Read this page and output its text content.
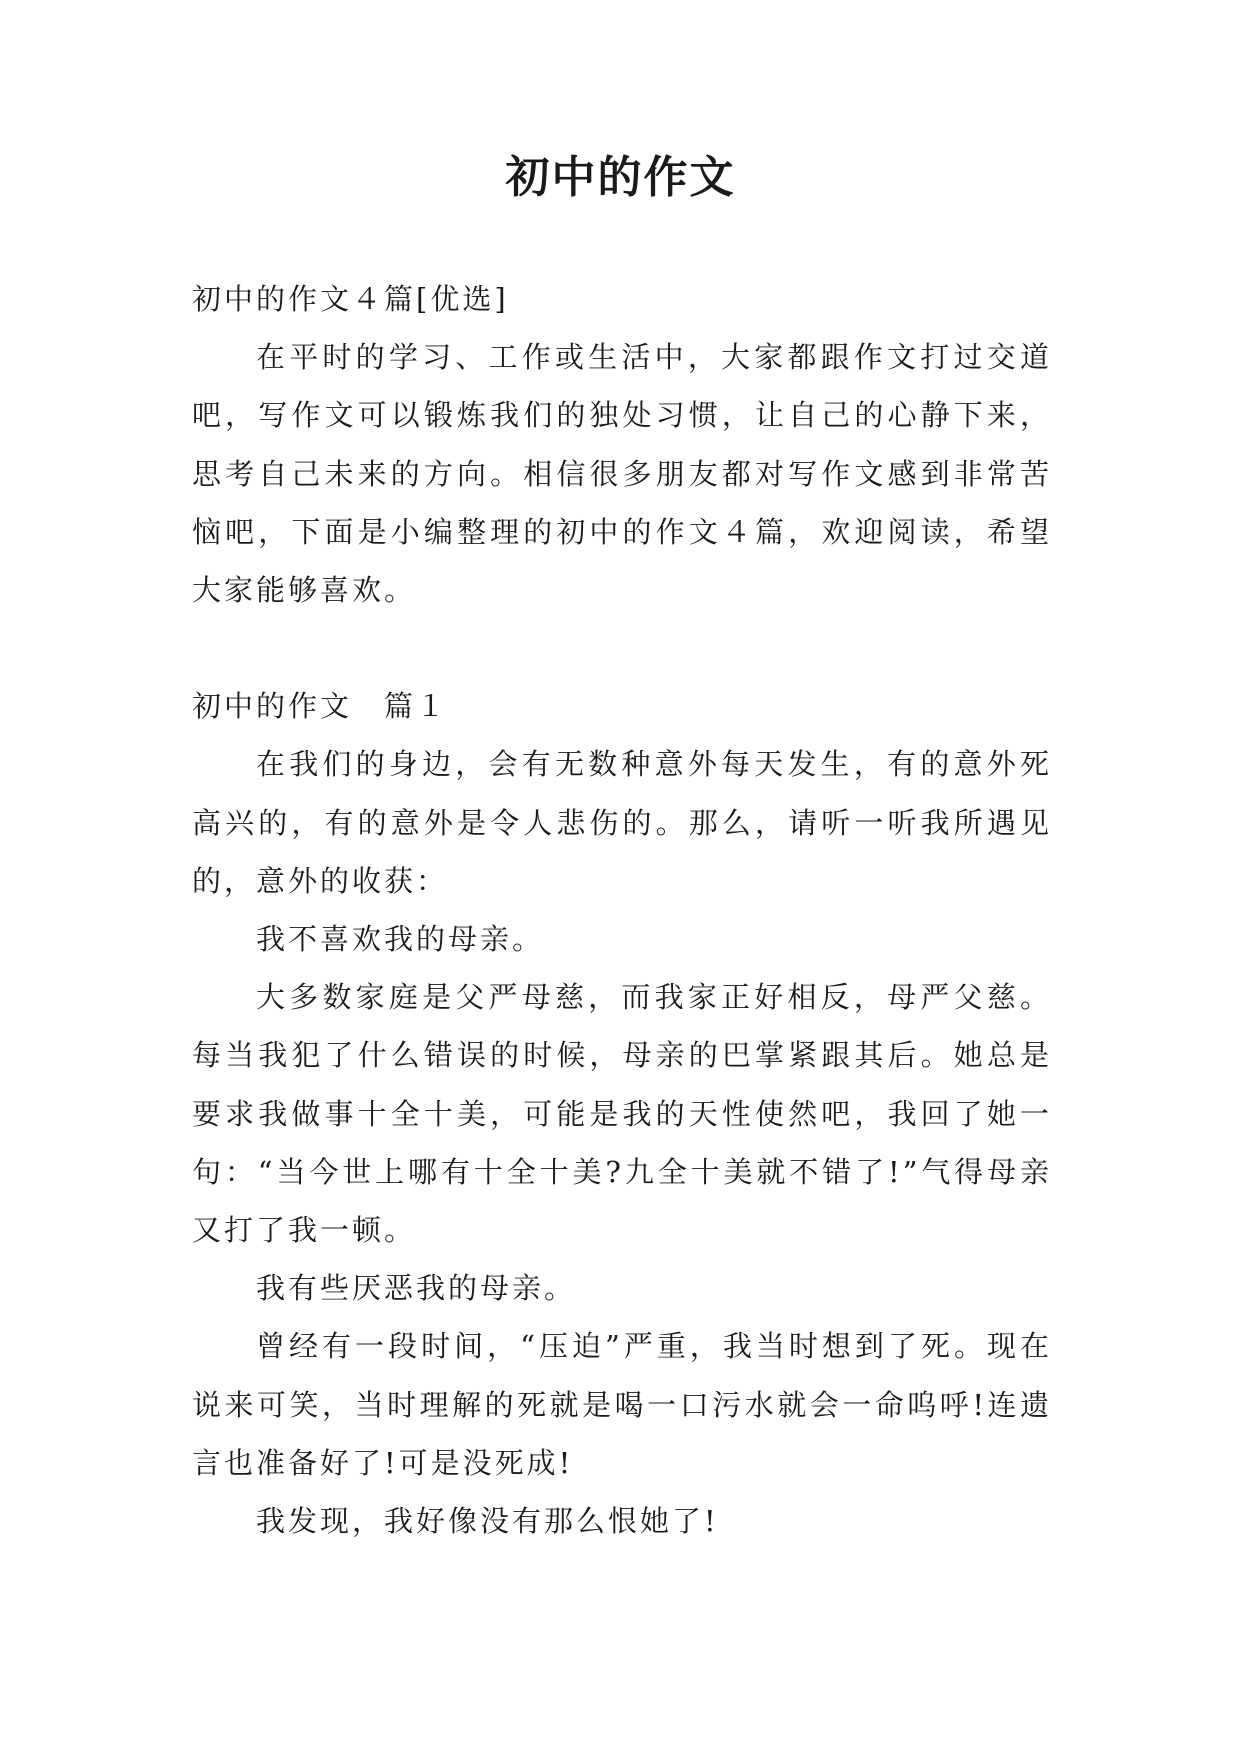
初中的作文

初中的作文４篇[优选]

在平时的学习、工作或生活中，大家都跟作文打过交道吧，写作文可以锻炼我们的独处习惯，让自己的心静下来，思考自己未来的方向。相信很多朋友都对写作文感到非常苦恼吧，下面是小编整理的初中的作文４篇，欢迎阅读，希望大家能够喜欢。

初中的作文　篇１

在我们的身边，会有无数种意外每天发生，有的意外死高兴的，有的意外是令人悲伤的。那么，请听一听我所遇见的，意外的收获：

我不喜欢我的母亲。

大多数家庭是父严母慈，而我家正好相反，母严父慈。每当我犯了什么错误的时候，母亲的巴掌紧跟其后。她总是要求我做事十全十美，可能是我的天性使然吧，我回了她一句：“当今世上哪有十全十美?九全十美就不错了!”气得母亲又打了我一顿。

我有些厌恶我的母亲。

曾经有一段时间，“压迫”严重，我当时想到了死。现在说来可笑，当时理解的死就是喝一口污水就会一命呜呼!连遗言也准备好了!可是没死成!

我发现，我好像没有那么恨她了!
